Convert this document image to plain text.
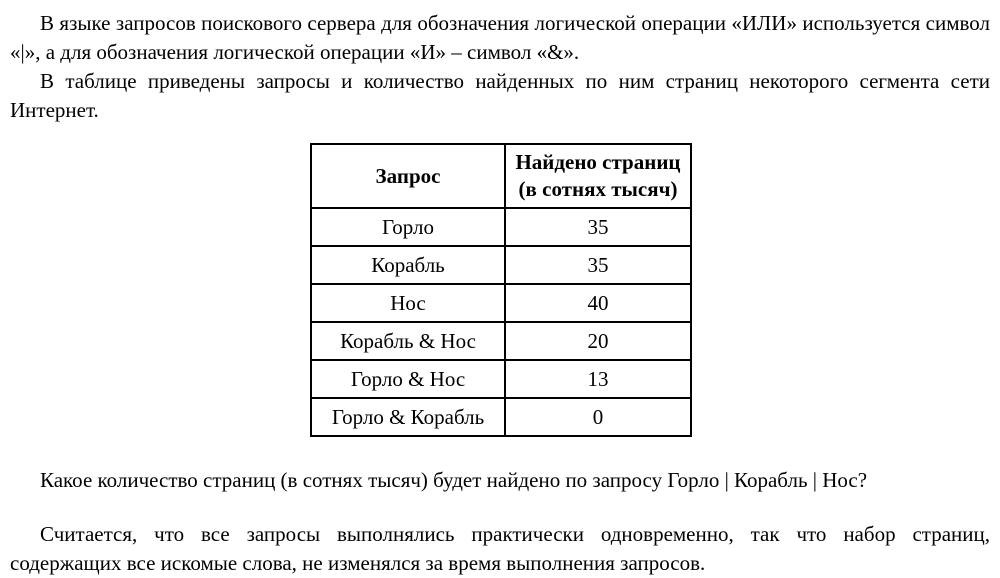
В языке запросов поискового сервера для обозначения логической операции «ИЛИ» используется символ «|», а для обозначения логической операции «И» – символ «&».

В таблице приведены запросы и количество найденных по ним страниц некоторого сегмента сети Интернет.

Запрос	Найдено страниц
(в сотнях тысяч)

Горло	35
Корабль	35
Нос	40
Корабль & Нос	20
Горло & Нос	13
Горло & Корабль	0

Какое количество страниц (в сотнях тысяч) будет найдено по запросу Горло | Корабль | Нос?

Считается, что все запросы выполнялись практически одновременно, так что набор страниц, содержащих все искомые слова, не изменялся за время выполнения запросов.
